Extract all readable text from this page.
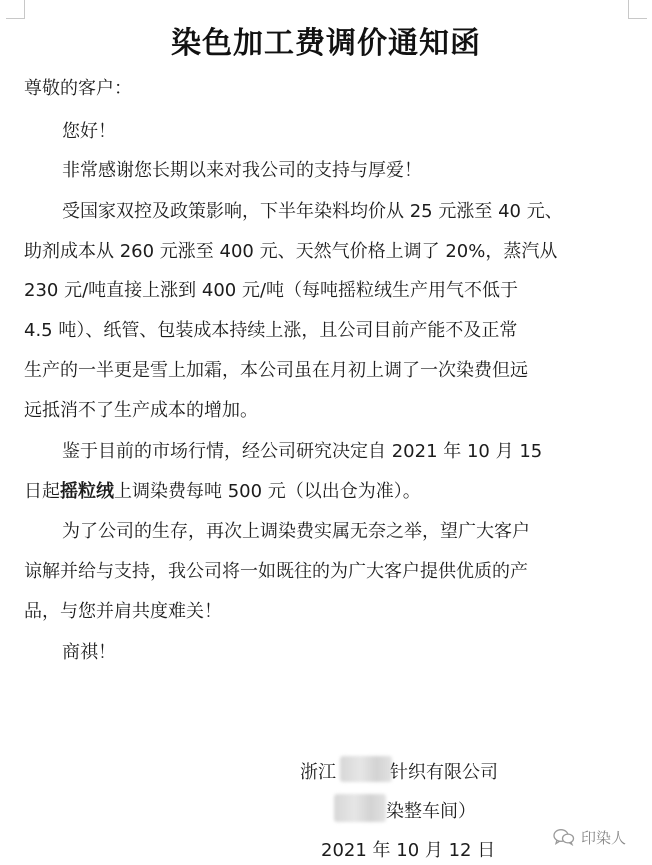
染色加工费调价通知函
尊敬的客户：
您好！
非常感谢您长期以来对我公司的支持与厚爱！
受国家双控及政策影响，下半年染料均价从 25 元涨至 40 元、
助剂成本从 260 元涨至 400 元、天然气价格上调了 20%，蒸汽从
230 元/吨直接上涨到 400 元/吨（每吨摇粒绒生产用气不低于
4.5 吨）、纸管、包装成本持续上涨，且公司目前产能不及正常
生产的一半更是雪上加霜，本公司虽在月初上调了一次染费但远
远抵消不了生产成本的增加。
鉴于目前的市场行情，经公司研究决定自 2021 年 10 月 15
日起摇粒绒上调染费每吨 500 元（以出仓为准）。
为了公司的生存，再次上调染费实属无奈之举，望广大客户
谅解并给与支持，我公司将一如既往的为广大客户提供优质的产
品，与您并肩共度难关！
商祺！
浙江	针织有限公司
染整车间）
2021 年 10 月 12 日
印染人
